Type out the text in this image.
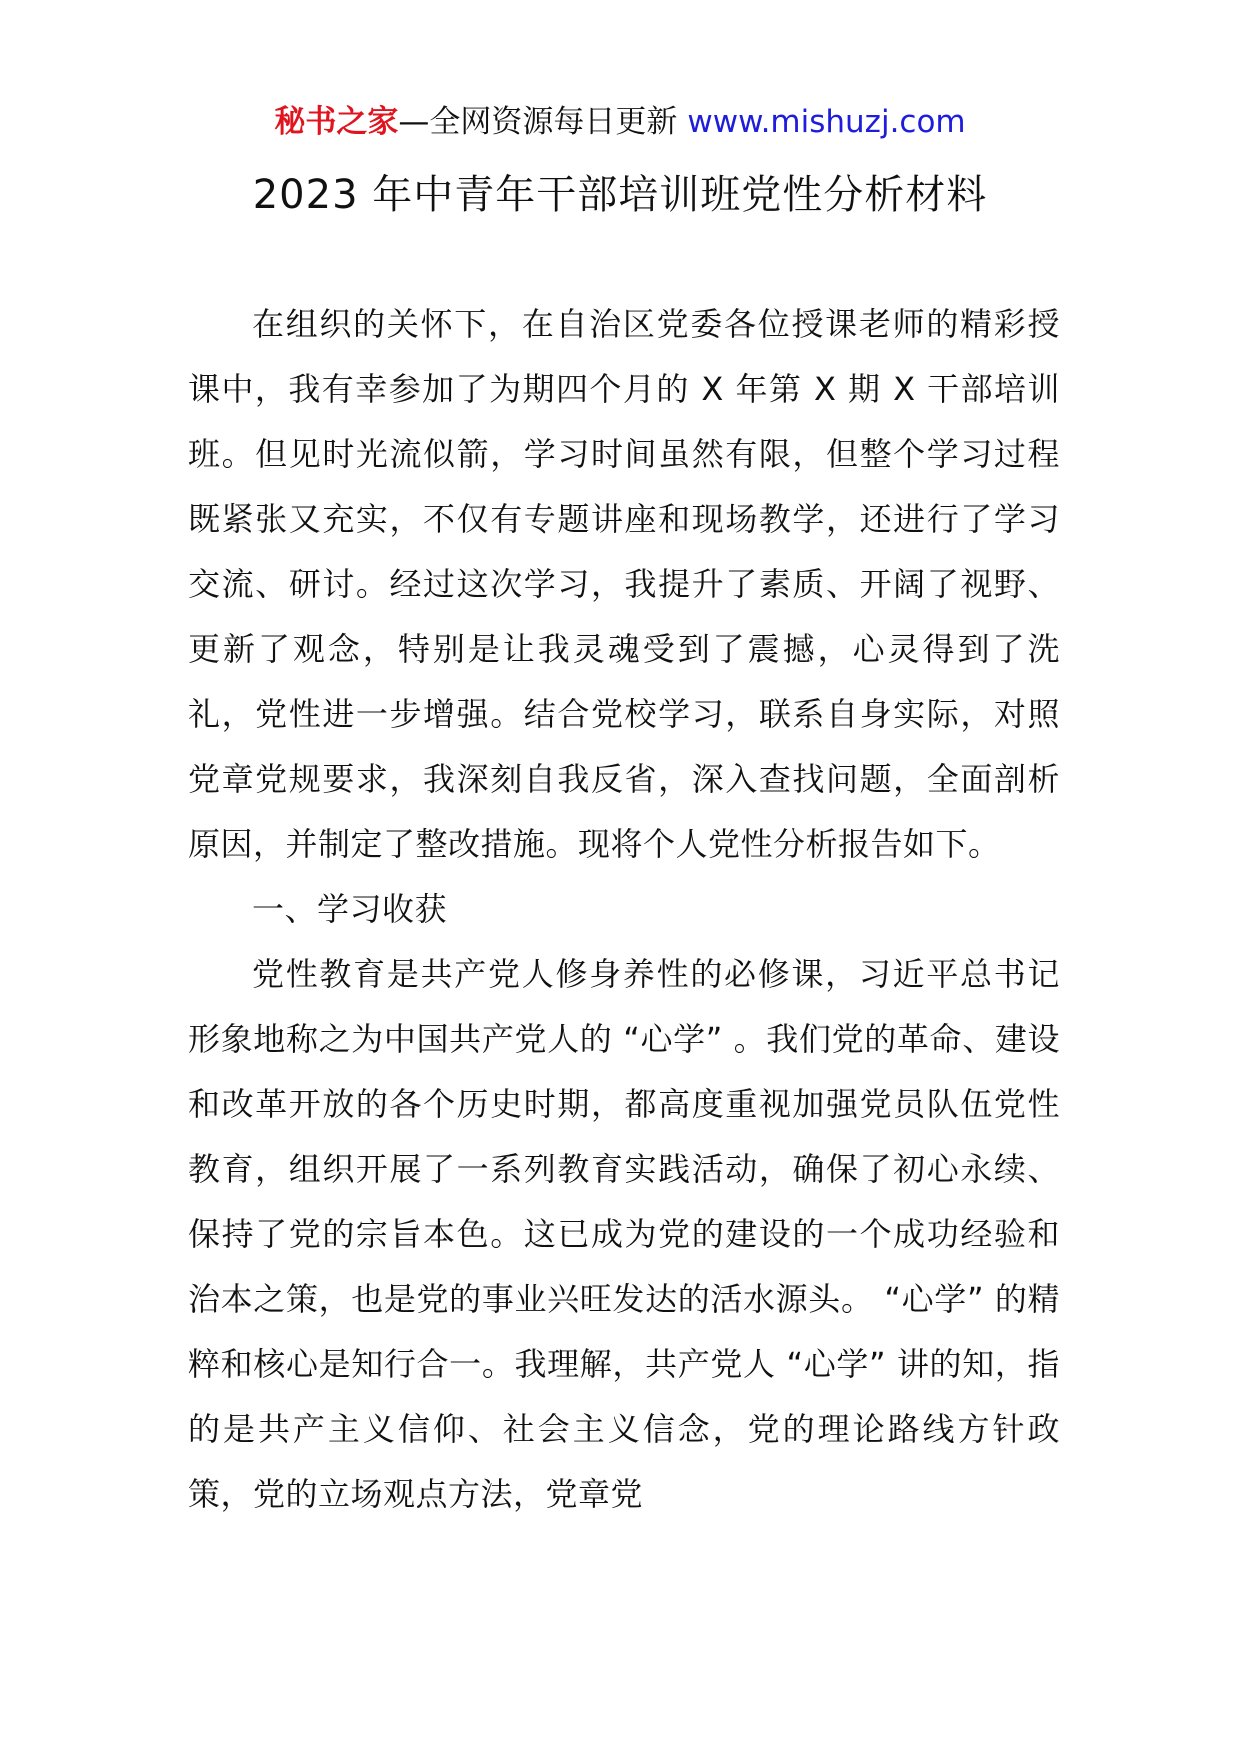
秘书之家—全网资源每日更新 www.mishuzj.com
2023 年中青年干部培训班党性分析材料

在组织的关怀下，在自治区党委各位授课老师的精彩授课中，我有幸参加了为期四个月的 X 年第 X 期 X 干部培训班。但见时光流似箭，学习时间虽然有限，但整个学习过程既紧张又充实，不仅有专题讲座和现场教学，还进行了学习交流、研讨。经过这次学习，我提升了素质、开阔了视野、更新了观念，特别是让我灵魂受到了震撼，心灵得到了洗礼，党性进一步增强。结合党校学习，联系自身实际，对照党章党规要求，我深刻自我反省，深入查找问题，全面剖析原因，并制定了整改措施。现将个人党性分析报告如下。

一、学习收获

党性教育是共产党人修身养性的必修课，习近平总书记形象地称之为中国共产党人的 “心学” 。我们党的革命、建设和改革开放的各个历史时期，都高度重视加强党员队伍党性教育，组织开展了一系列教育实践活动，确保了初心永续、保持了党的宗旨本色。这已成为党的建设的一个成功经验和治本之策，也是党的事业兴旺发达的活水源头。 “心学” 的精粹和核心是知行合一。我理解，共产党人 “心学” 讲的知，指的是共产主义信仰、社会主义信念，党的理论路线方针政策，党的立场观点方法，党章党
